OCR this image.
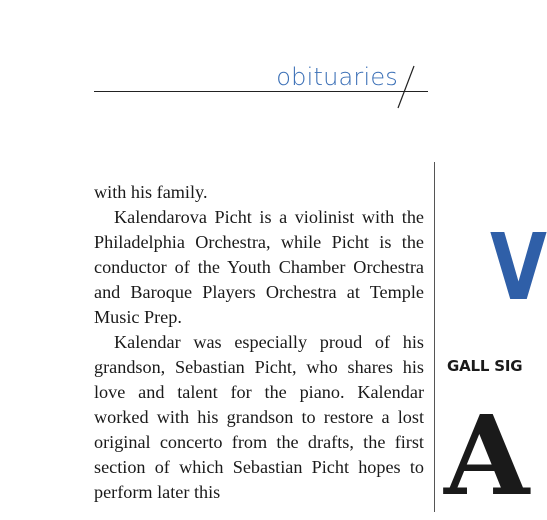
obituaries

with his family.

Kalendarova Picht is a violinist with the Philadelphia Orchestra, while Picht is the conductor of the Youth Chamber Orchestra and Baroque Players Orchestra at Temple Music Prep.

Kalendar was especially proud of his grandson, Sebastian Picht, who shares his love and talent for the piano. Kalendar worked with his grandson to restore a lost original concerto from the drafts, the first section of which Sebastian Picht hopes to perform later this

V
GALL SIG
A
